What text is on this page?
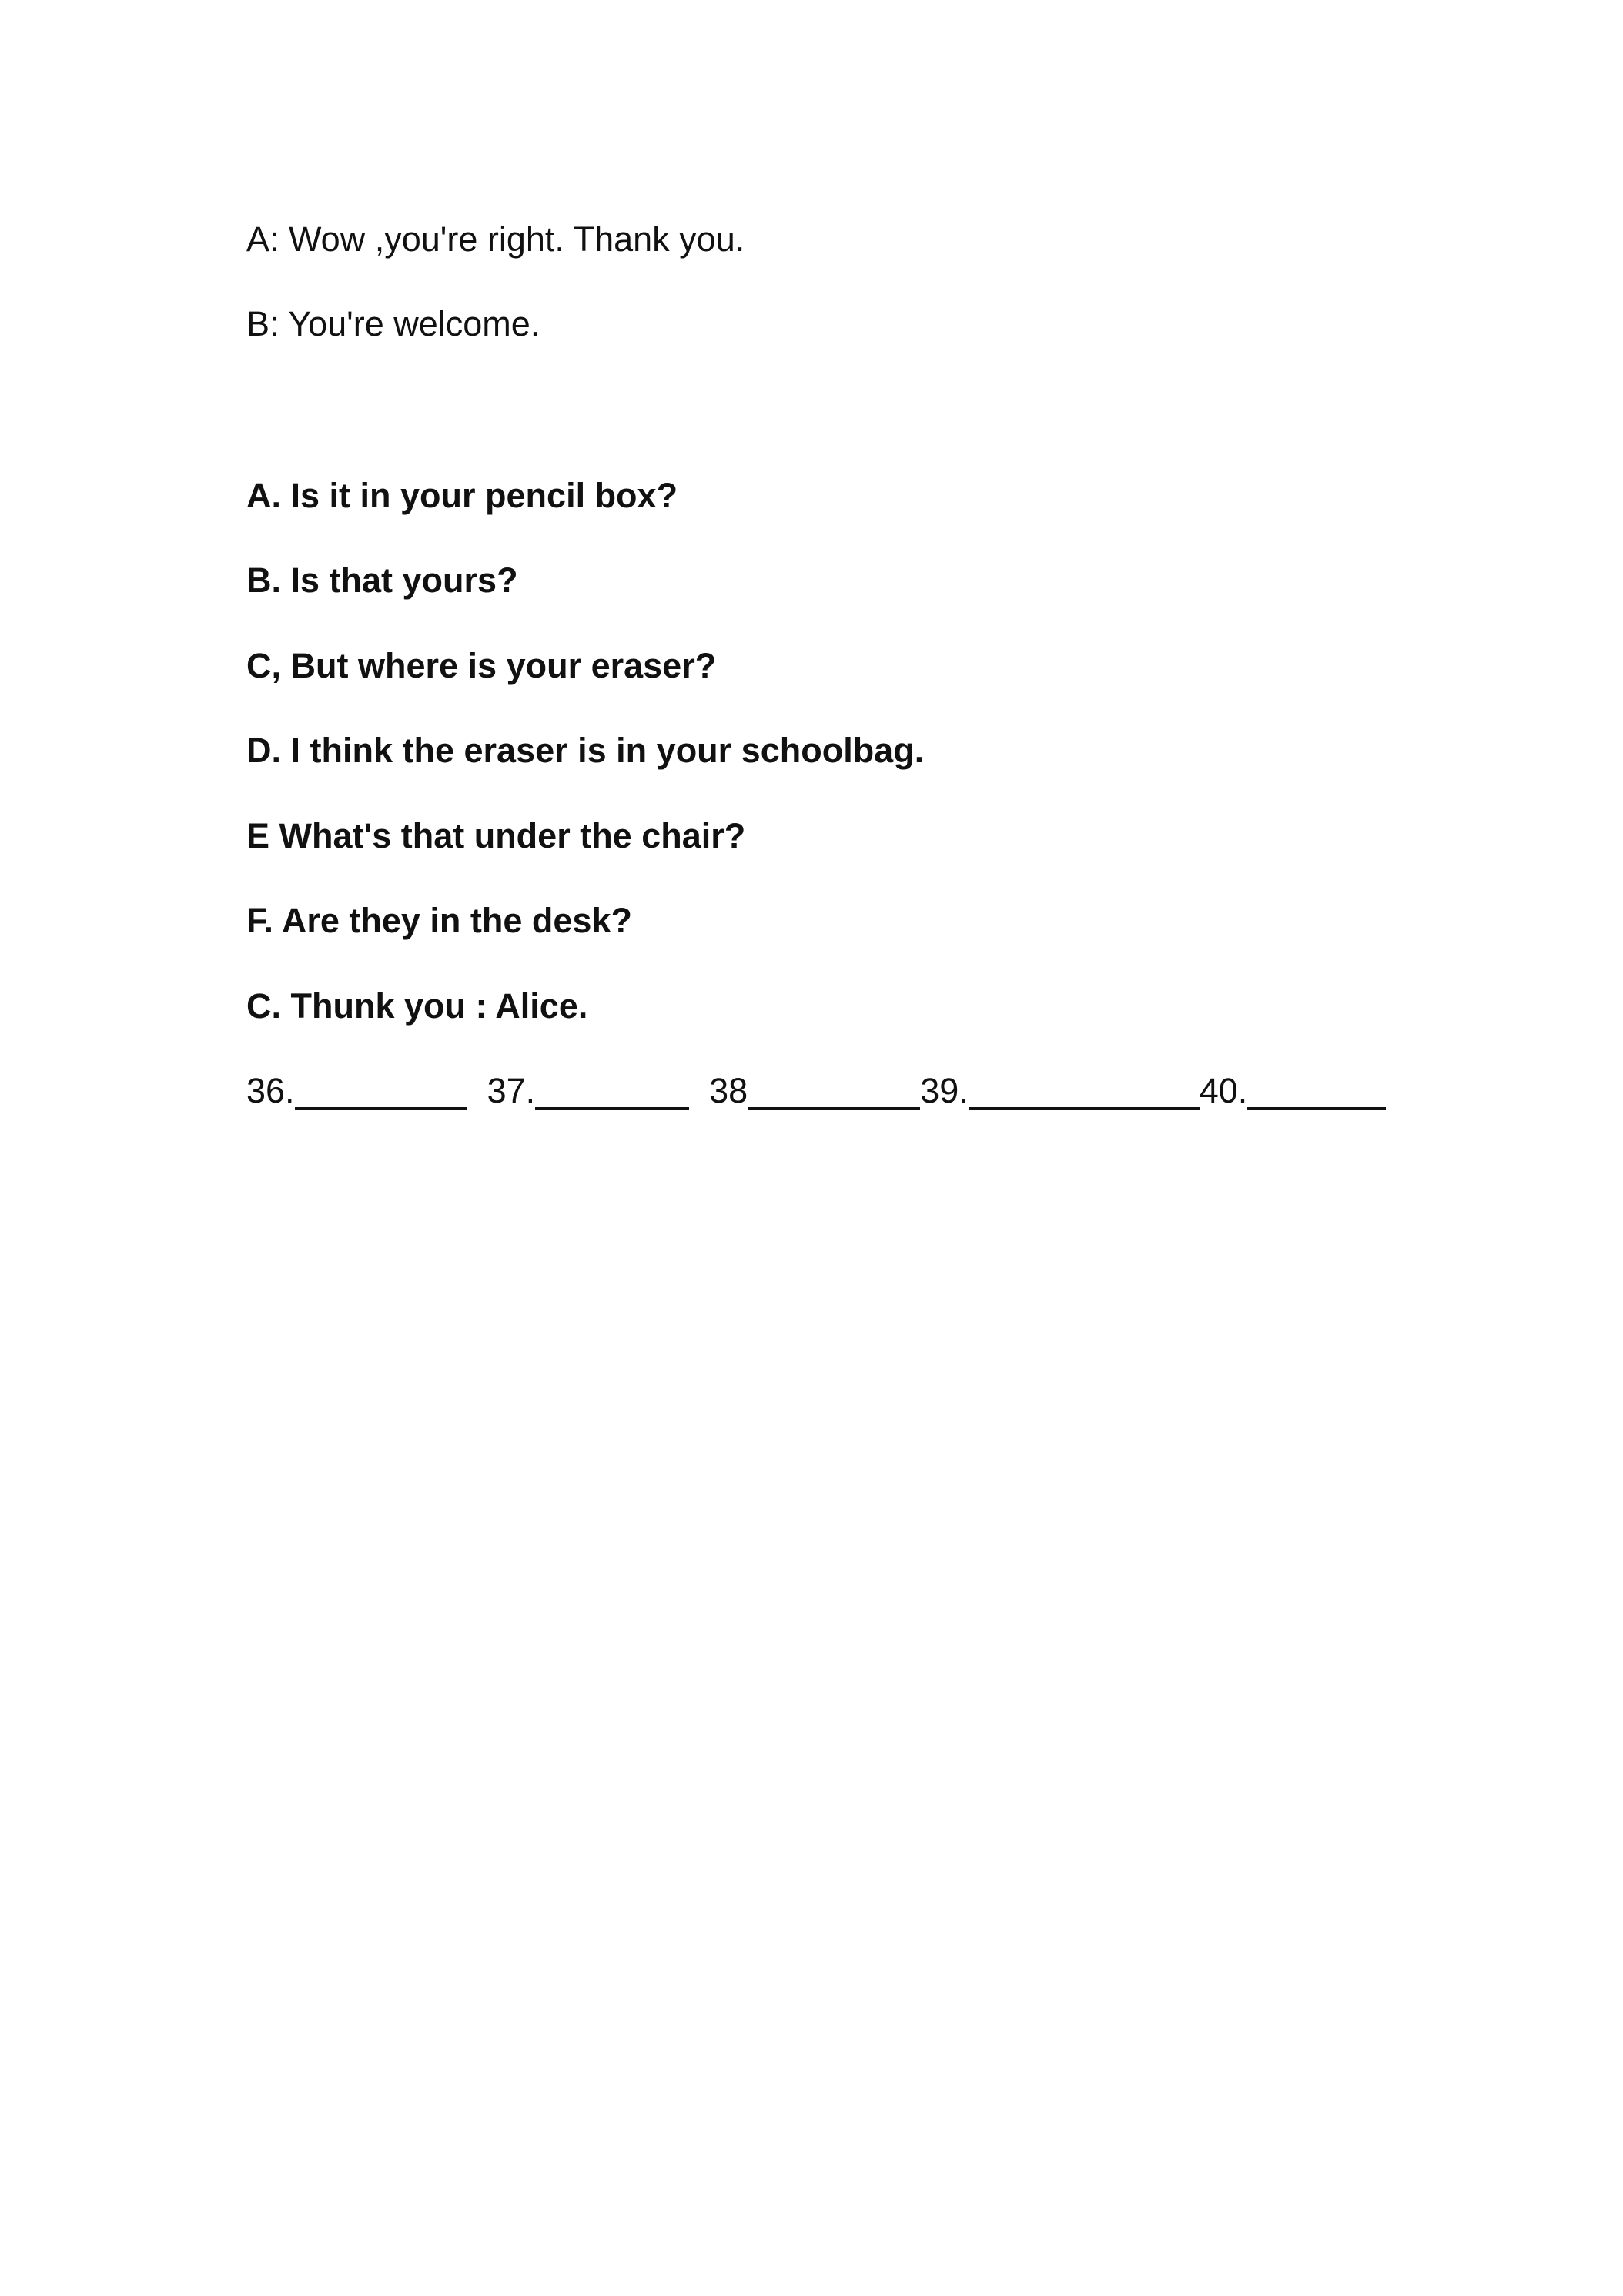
A: Wow ,you're right. Thank you.
B: You're welcome.
A. Is it in your pencil box?
B. Is that yours?
C, But where is your eraser?
D. I think the eraser is in your schoolbag.
E What's that under the chair?
F. Are they in the desk?
C. Thunk you : Alice.
36.	37.	38	39.	40.
